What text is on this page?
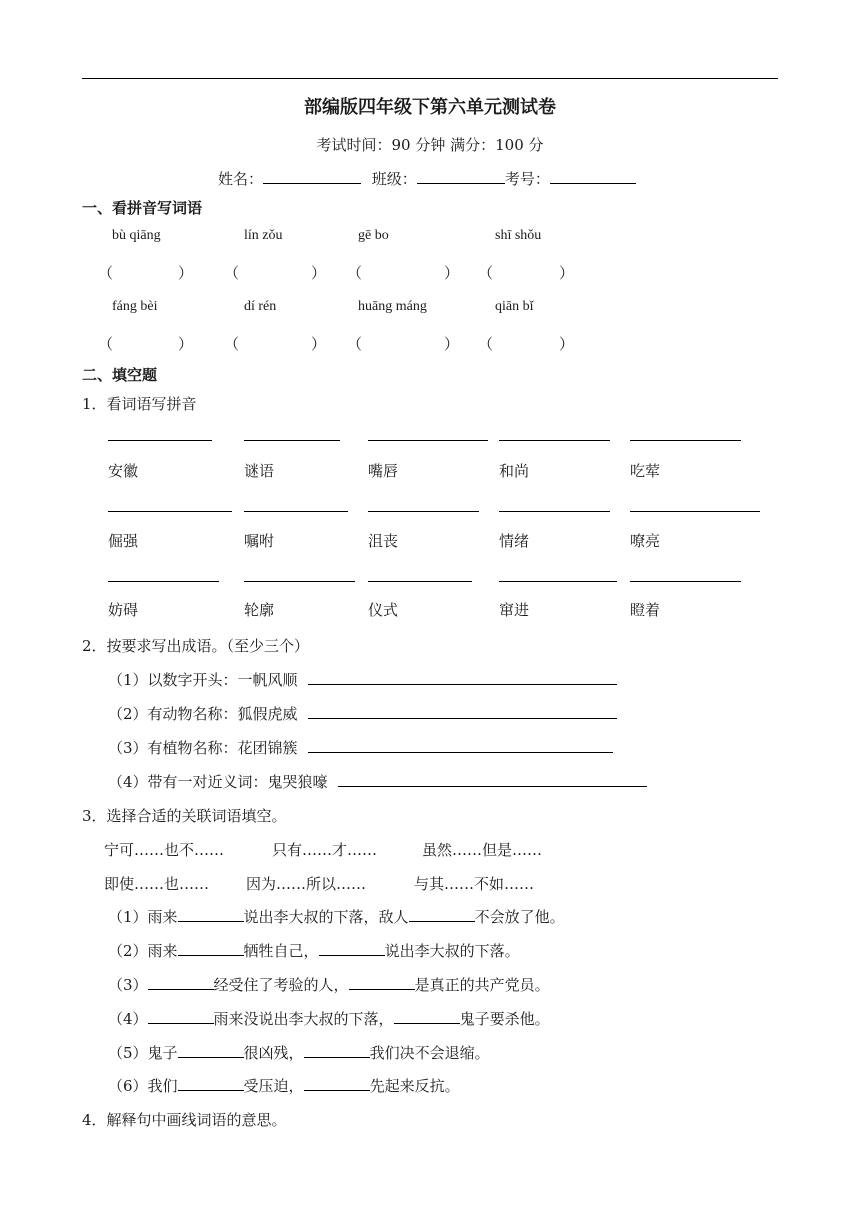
部编版四年级下第六单元测试卷
考试时间：90 分钟 满分：100 分
姓名：	班级：	考号：
一、看拼音写词语
bù qiāng	lín zǒu	gē bo	shī shǒu
（	） （	） （	） （	）
fáng bèi	dí rén	huāng máng	qiān bǐ
（	） （	） （	） （	）
二、填空题
1．看词语写拼音
安徽	谜语	嘴唇	和尚	吃荤
倔强	嘱咐	沮丧	情绪	嘹亮
妨碍	轮廓	仪式	窜进	瞪着
2．按要求写出成语。（至少三个）
（1）以数字开头：一帆风顺
（2）有动物名称：狐假虎威
（3）有植物名称：花团锦簇
（4）带有一对近义词：鬼哭狼嚎
3．选择合适的关联词语填空。
宁可……也不……	只有……才……	虽然……但是……
即使……也…… 因为……所以……	与其……不如……
（1）雨来	说出李大叔的下落，敌人	不会放了他。
（2）雨来	牺牲自己，	说出李大叔的下落。
（3）	经受住了考验的人，	是真正的共产党员。
（4）	雨来没说出李大叔的下落，	鬼子要杀他。
（5）鬼子	很凶残，	我们决不会退缩。
（6）我们	受压迫，	先起来反抗。
4．解释句中画线词语的意思。
